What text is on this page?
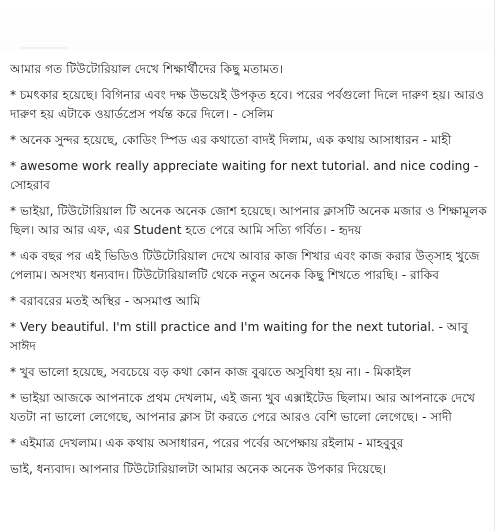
আমার গত টিউটোরিয়াল দেখে শিক্ষার্থীদের কিছু মতামত।

* চমৎকার হয়েছে। বিগিনার এবং দক্ষ উভয়েই উপকৃত হবে। পরের পর্বগুলো দিলে দারুণ হয়। আরও দারুণ হয় এটাকে ওয়ার্ডপ্রেস পর্যন্ত করে দিলে। - সেলিম

* অনেক সুন্দর হয়েছে, কোডিং স্পিড এর কথাতো বাদই দিলাম, এক কথায় আসাধারন - মাহী

* awesome work really appreciate waiting for next tutorial. and nice coding - সোহরাব

* ভাইয়া, টিউটোরিয়াল টি অনেক অনেক জোশ হয়েছে। আপনার ক্লাসটি অনেক মজার ও শিক্ষামূলক ছিল। আর আর এফ, এর Student হতে পেরে আমি সত্যি গর্বিত। - হৃদয়

* এক বছর পর এই ভিডিও টিউটোরিয়াল দেখে আবার কাজ শিখার এবং কাজ করার উত্সাহ খুজে পেলাম। অসংখ্য ধন্যবাদ। টিউটোরিয়ালটি থেকে নতুন অনেক কিছু শিখতে পারছি। - রাকিব

* বরাবরের মতই অস্থির - অসমাপ্ত আমি

* Very beautiful. I'm still practice and I'm waiting for the next tutorial. - আবু সাঈদ

* খুব ভালো হয়েছে, সবচেয়ে বড় কথা কোন কাজ বুঝতে অসুবিধা হয় না। - মিকাইল

* ভাইয়া আজকে আপনাকে প্রথম দেখলাম, এই জন্য খুব এক্সাইটেড ছিলাম। আর আপনাকে দেখে যতটা না ভালো লেগেছে, আপনার ক্লাস টা করতে পেরে আরও বেশি ভালো লেগেছে। - সাদী

* এইমাত্র দেখলাম। এক কথায় অসাধারন, পরের পর্বের অপেক্ষায় রইলাম - মাহবুবুর

ভাই, ধন্যবাদ। আপনার টিউটোরিয়ালটা আমার অনেক অনেক উপকার দিয়েছে।
